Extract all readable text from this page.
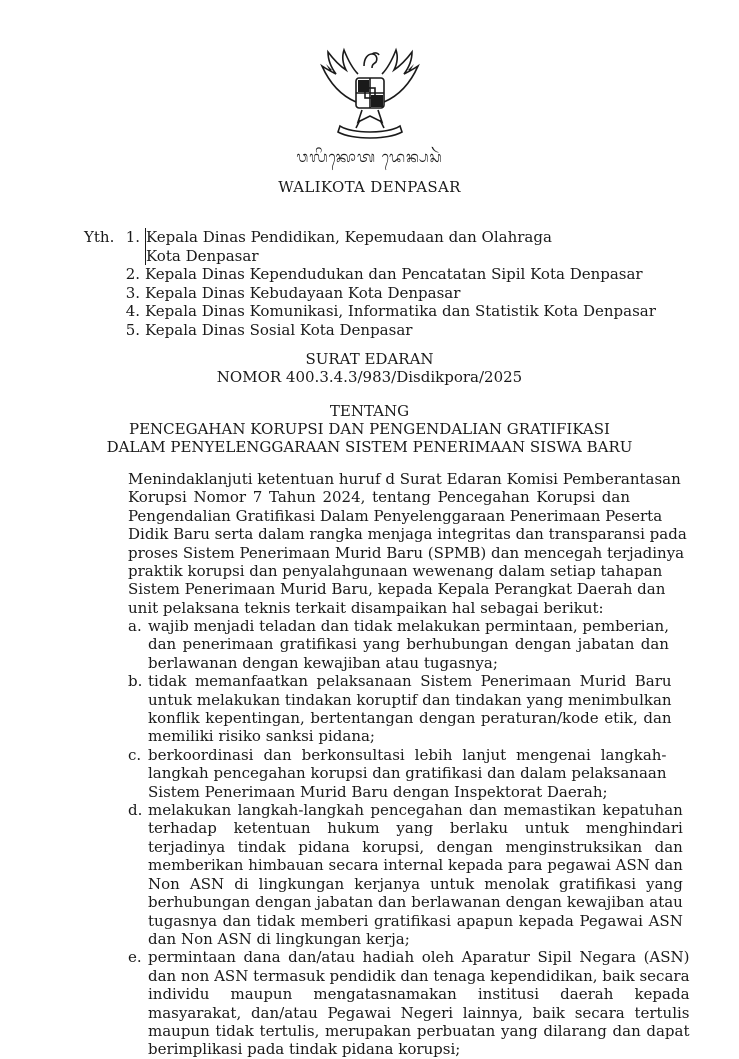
ᬯᬮᬶᬓᭀᬢ ᬤᬾᬦ᭄ᬧᬲᬃ
WALIKOTA DENPASAR
Yth. 1. Kepala Dinas Pendidikan, Kepemudaan dan Olahraga
Kota Denpasar
2. Kepala Dinas Kependudukan dan Pencatatan Sipil Kota Denpasar
3. Kepala Dinas Kebudayaan Kota Denpasar
4. Kepala Dinas Komunikasi, Informatika dan Statistik Kota Denpasar
5. Kepala Dinas Sosial Kota Denpasar
SURAT EDARAN
NOMOR 400.3.4.3/983/Disdikpora/2025
TENTANG
PENCEGAHAN KORUPSI DAN PENGENDALIAN GRATIFIKASI
DALAM PENYELENGGARAAN SISTEM PENERIMAAN SISWA BARU
Menindaklanjuti ketentuan huruf d Surat Edaran Komisi Pemberantasan
Korupsi Nomor 7 Tahun 2024, tentang Pencegahan Korupsi dan
Pengendalian Gratifikasi Dalam Penyelenggaraan Penerimaan Peserta
Didik Baru serta dalam rangka menjaga integritas dan transparansi pada
proses Sistem Penerimaan Murid Baru (SPMB) dan mencegah terjadinya
praktik korupsi dan penyalahgunaan wewenang dalam setiap tahapan
Sistem Penerimaan Murid Baru, kepada Kepala Perangkat Daerah dan
unit pelaksana teknis terkait disampaikan hal sebagai berikut:
a. wajib menjadi teladan dan tidak melakukan permintaan, pemberian,
dan penerimaan gratifikasi yang berhubungan dengan jabatan dan
berlawanan dengan kewajiban atau tugasnya;
b. tidak memanfaatkan pelaksanaan Sistem Penerimaan Murid Baru
untuk melakukan tindakan koruptif dan tindakan yang menimbulkan
konflik kepentingan, bertentangan dengan peraturan/kode etik, dan
memiliki risiko sanksi pidana;
c. berkoordinasi dan berkonsultasi lebih lanjut mengenai langkah-
langkah pencegahan korupsi dan gratifikasi dan dalam pelaksanaan
Sistem Penerimaan Murid Baru dengan Inspektorat Daerah;
d. melakukan langkah-langkah pencegahan dan memastikan kepatuhan
terhadap ketentuan hukum yang berlaku untuk menghindari
terjadinya tindak pidana korupsi, dengan menginstruksikan dan
memberikan himbauan secara internal kepada para pegawai ASN dan
Non ASN di lingkungan kerjanya untuk menolak gratifikasi yang
berhubungan dengan jabatan dan berlawanan dengan kewajiban atau
tugasnya dan tidak memberi gratifikasi apapun kepada Pegawai ASN
dan Non ASN di lingkungan kerja;
e. permintaan dana dan/atau hadiah oleh Aparatur Sipil Negara (ASN)
dan non ASN termasuk pendidik dan tenaga kependidikan, baik secara
individu maupun mengatasnamakan institusi daerah kepada
masyarakat, dan/atau Pegawai Negeri lainnya, baik secara tertulis
maupun tidak tertulis, merupakan perbuatan yang dilarang dan dapat
berimplikasi pada tindak pidana korupsi;
